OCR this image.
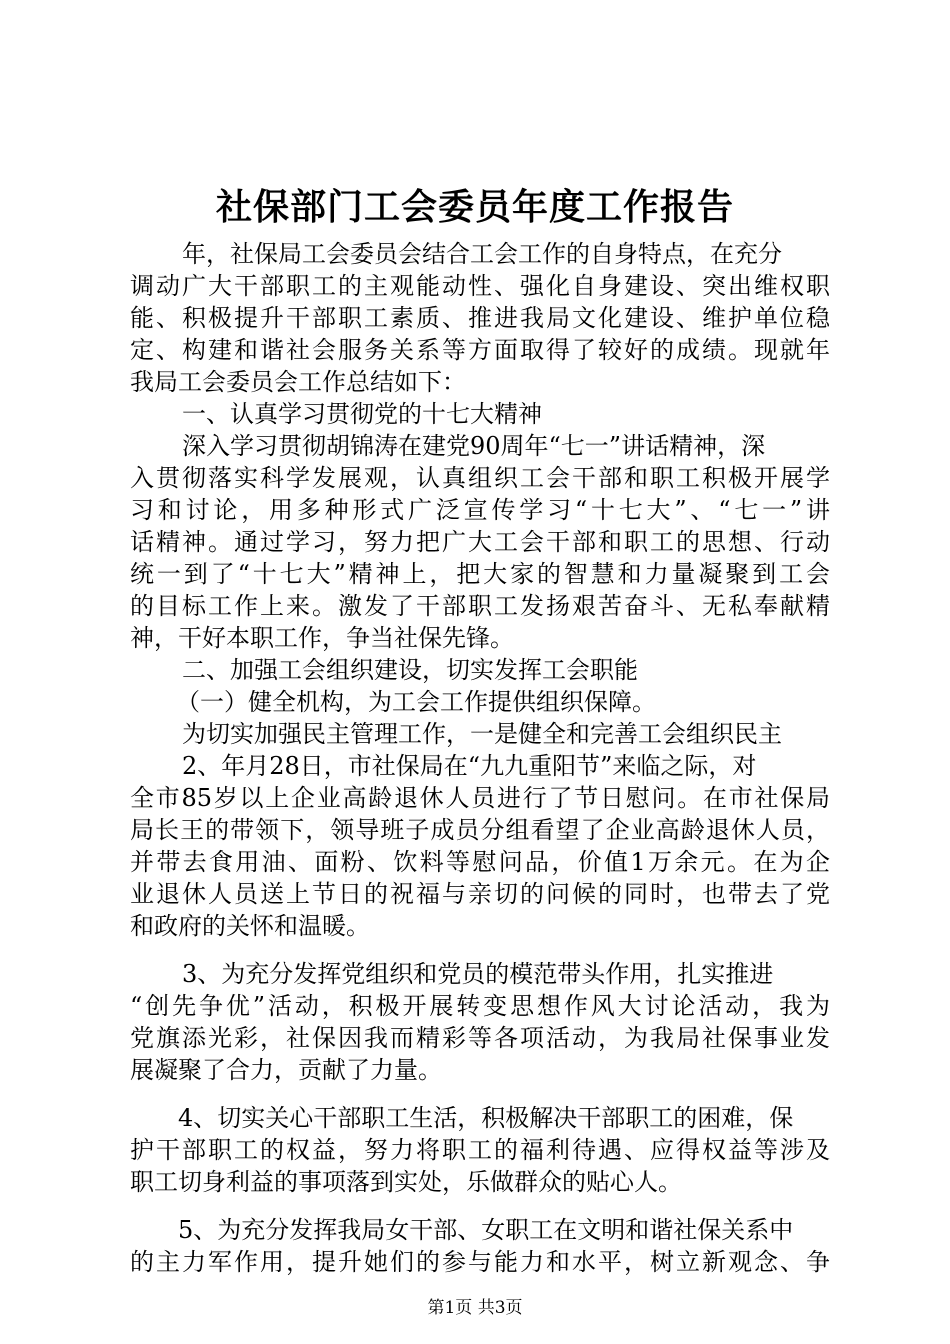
社保部门工会委员年度工作报告
年，社保局工会委员会结合工会工作的自身特点，在充分
调动广大干部职工的主观能动性、强化自身建设、突出维权职
能、积极提升干部职工素质、推进我局文化建设、维护单位稳
定、构建和谐社会服务关系等方面取得了较好的成绩。现就年
我局工会委员会工作总结如下：
一、认真学习贯彻党的十七大精神
深入学习贯彻胡锦涛在建党90周年“七一”讲话精神，深
入贯彻落实科学发展观，认真组织工会干部和职工积极开展学
习和讨论，用多种形式广泛宣传学习“十七大”、“七一”讲
话精神。通过学习，努力把广大工会干部和职工的思想、行动
统一到了“十七大”精神上，把大家的智慧和力量凝聚到工会
的目标工作上来。激发了干部职工发扬艰苦奋斗、无私奉献精
神，干好本职工作，争当社保先锋。
二、加强工会组织建设，切实发挥工会职能
（一）健全机构，为工会工作提供组织保障。
为切实加强民主管理工作，一是健全和完善工会组织民主
2、年月28日，市社保局在“九九重阳节”来临之际，对
全市85岁以上企业高龄退休人员进行了节日慰问。在市社保局
局长王的带领下，领导班子成员分组看望了企业高龄退休人员，
并带去食用油、面粉、饮料等慰问品，价值1万余元。在为企
业退休人员送上节日的祝福与亲切的问候的同时，也带去了党
和政府的关怀和温暖。
3、为充分发挥党组织和党员的模范带头作用，扎实推进
“创先争优”活动，积极开展转变思想作风大讨论活动，我为
党旗添光彩，社保因我而精彩等各项活动，为我局社保事业发
展凝聚了合力，贡献了力量。
4、切实关心干部职工生活，积极解决干部职工的困难，保
护干部职工的权益，努力将职工的福利待遇、应得权益等涉及
职工切身利益的事项落到实处，乐做群众的贴心人。
5、为充分发挥我局女干部、女职工在文明和谐社保关系中
的主力军作用，提升她们的参与能力和水平，树立新观念、争
第1页 共3页
